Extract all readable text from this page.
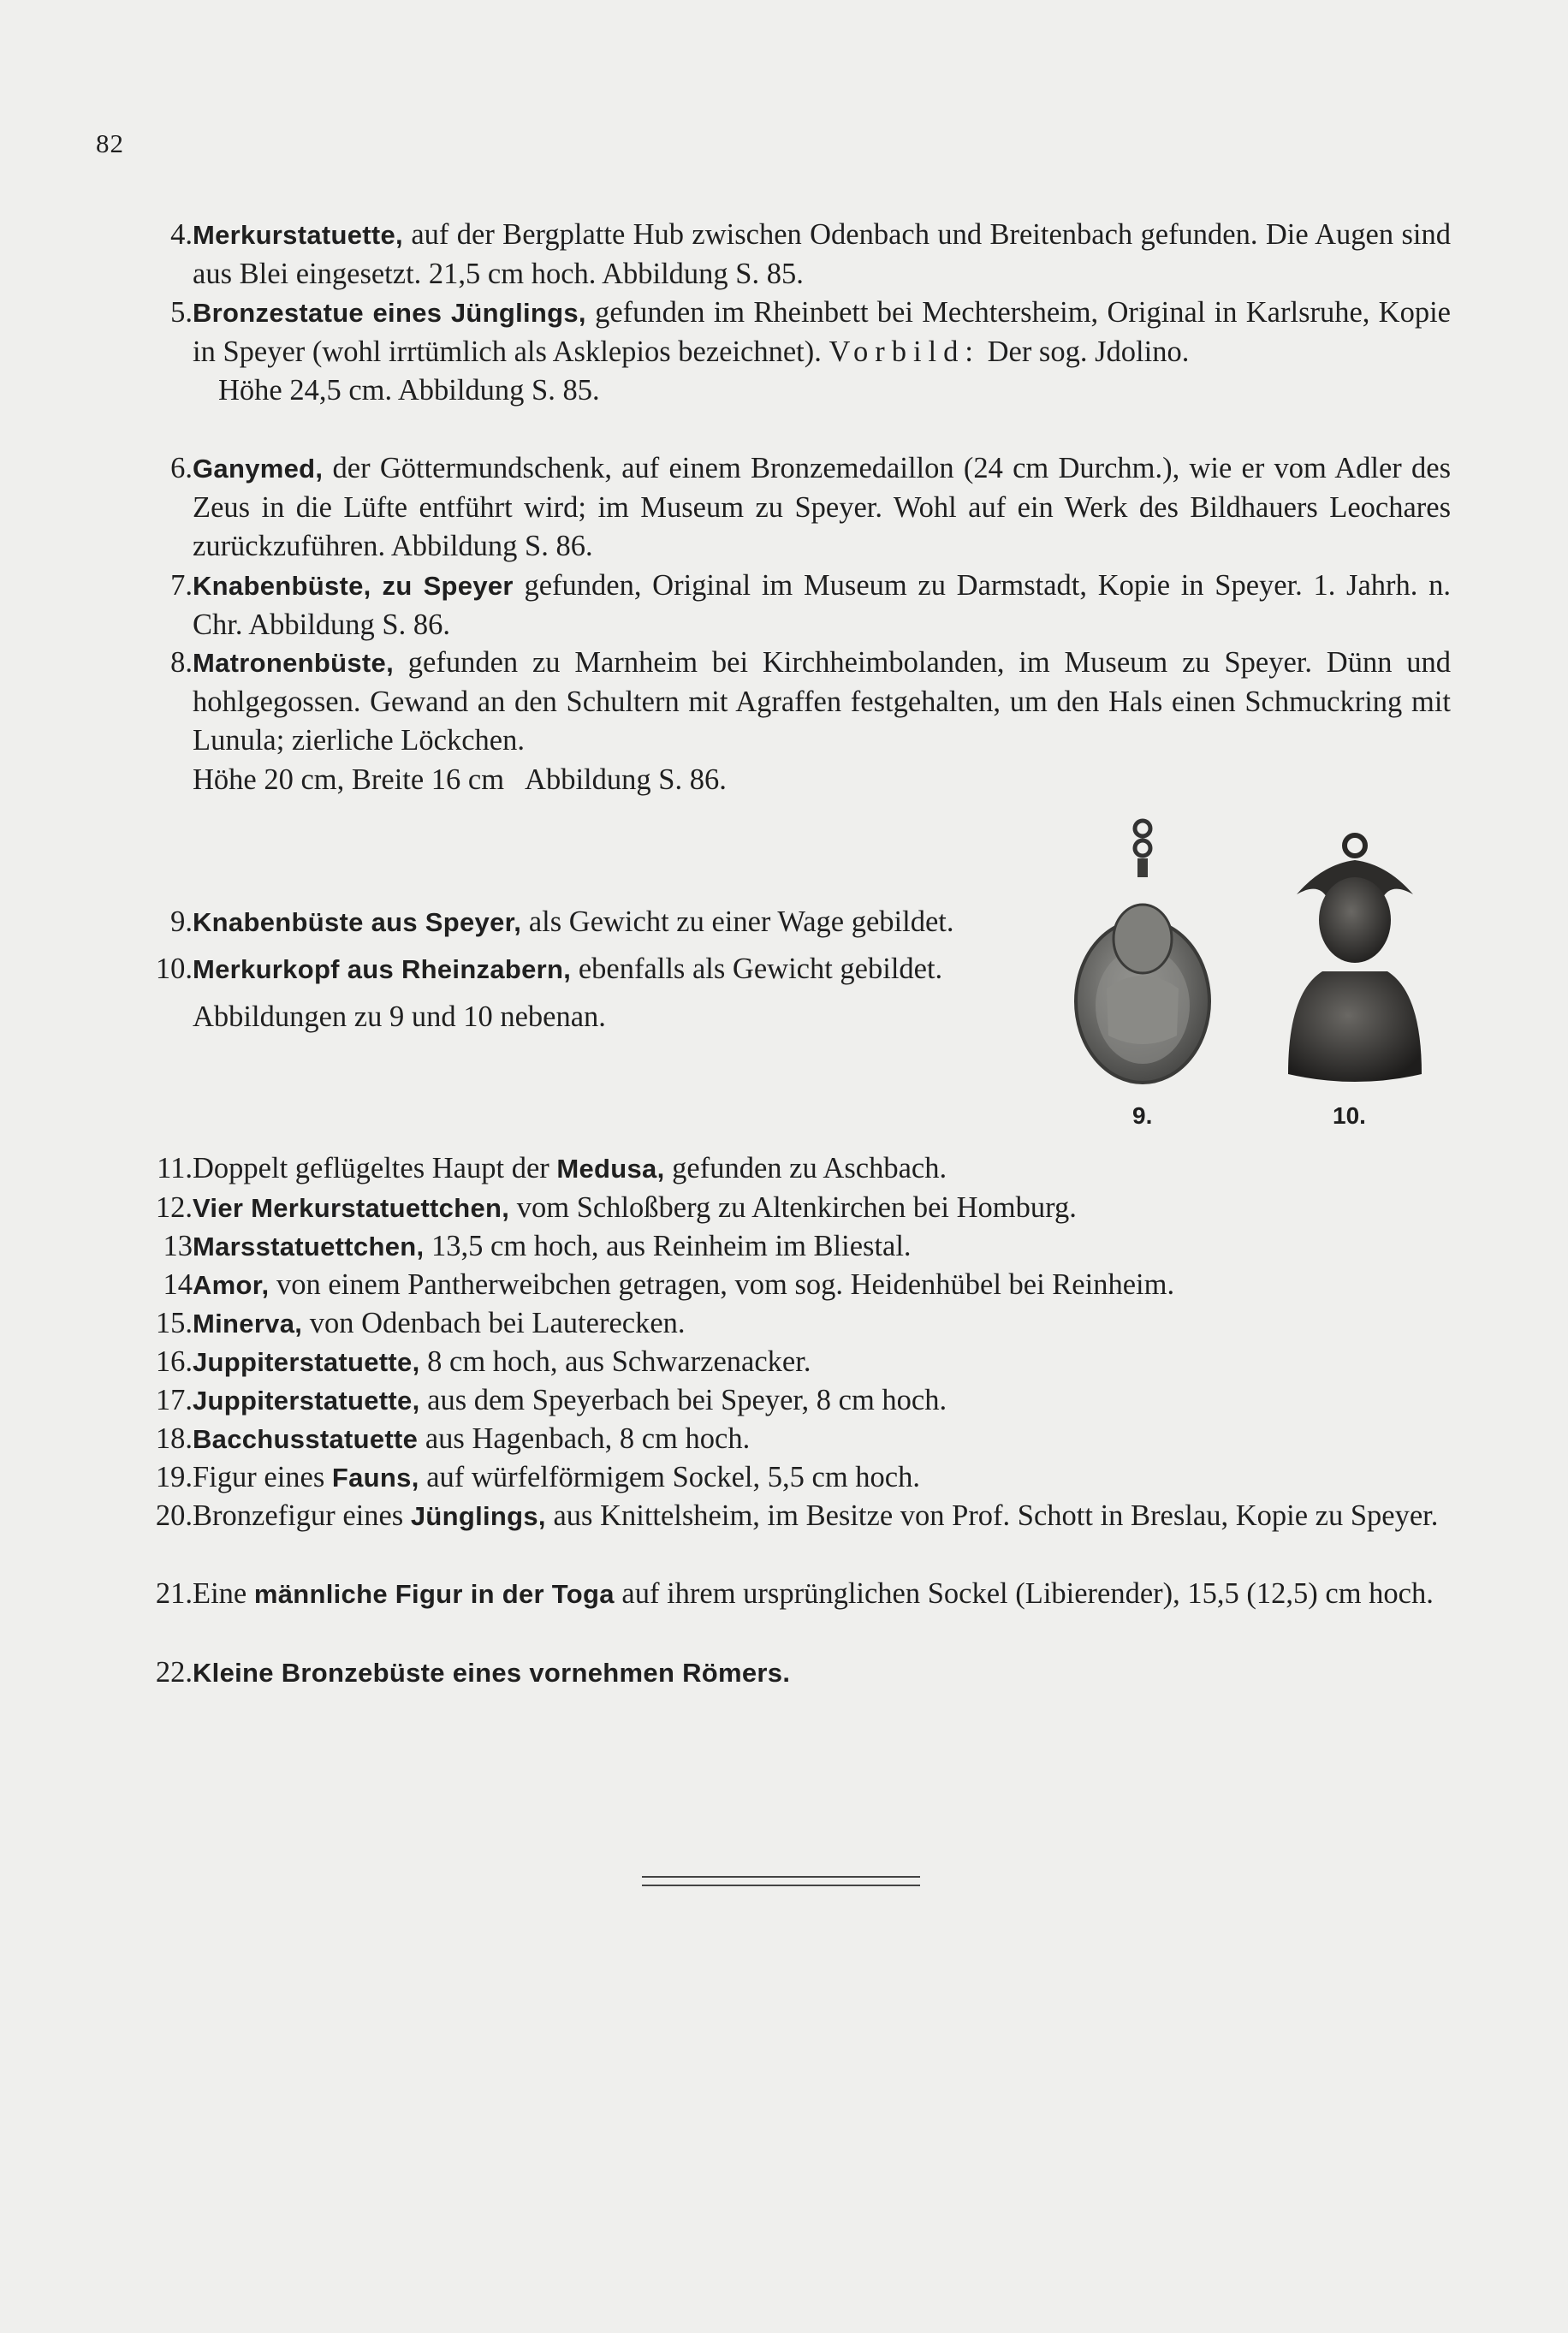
82
4. Merkurstatuette, auf der Bergplatte Hub zwischen Odenbach und Breitenbach gefunden. Die Augen sind aus Blei eingesetzt. 21,5 cm hoch. Abbildung S. 85.
5. Bronzestatue eines Jünglings, gefunden im Rheinbett bei Mechtersheim, Original in Karlsruhe, Kopie in Speyer (wohl irrtümlich als Asklepios bezeichnet). Vorbild: Der sog. Jdolino.

Höhe 24,5 cm. Abbildung S. 85.

6. Ganymed, der Göttermundschenk, auf einem Bronzemedaillon (24 cm Durchm.), wie er vom Adler des Zeus in die Lüfte entführt wird; im Museum zu Speyer. Wohl auf ein Werk des Bildhauers Leochares zurückzuführen. Abbildung S. 86.
7. Knabenbüste, zu Speyer gefunden, Original im Museum zu Darmstadt, Kopie in Speyer. 1. Jahrh. n. Chr. Abbildung S. 86.
8. Matronenbüste, gefunden zu Marnheim bei Kirchheimbolanden, im Museum zu Speyer. Dünn und hohlgegossen. Gewand an den Schultern mit Agraffen festgehalten, um den Hals einen Schmuckring mit Lunula; zierliche Löckchen.

Höhe 20 cm, Breite 16 cm   Abbildung S. 86.

9. Knabenbüste aus Speyer, als Gewicht zu einer Wage gebildet.
10. Merkurkopf aus Rheinzabern, ebenfalls als Gewicht gebildet.

Abbildungen zu 9 und 10 nebenan.

9.	10.
11. Doppelt geflügeltes Haupt der Medusa, gefunden zu Aschbach.
12. Vier Merkurstatuettchen, vom Schloßberg zu Altenkirchen bei Homburg.
13 Marsstatuettchen, 13,5 cm hoch, aus Reinheim im Bliestal.
14 Amor, von einem Pantherweibchen getragen, vom sog. Heidenhübel bei Reinheim.
15. Minerva, von Odenbach bei Lauterecken.
16. Juppiterstatuette, 8 cm hoch, aus Schwarzenacker.
17. Juppiterstatuette, aus dem Speyerbach bei Speyer, 8 cm hoch.
18. Bacchusstatuette aus Hagenbach, 8 cm hoch.
19. Figur eines Fauns, auf würfelförmigem Sockel, 5,5 cm hoch.
20. Bronzefigur eines Jünglings, aus Knittelsheim, im Besitze von Prof. Schott in Breslau, Kopie zu Speyer.
21. Eine männliche Figur in der Toga auf ihrem ursprünglichen Sockel (Libierender), 15,5 (12,5) cm hoch.
22. Kleine Bronzebüste eines vornehmen Römers.
